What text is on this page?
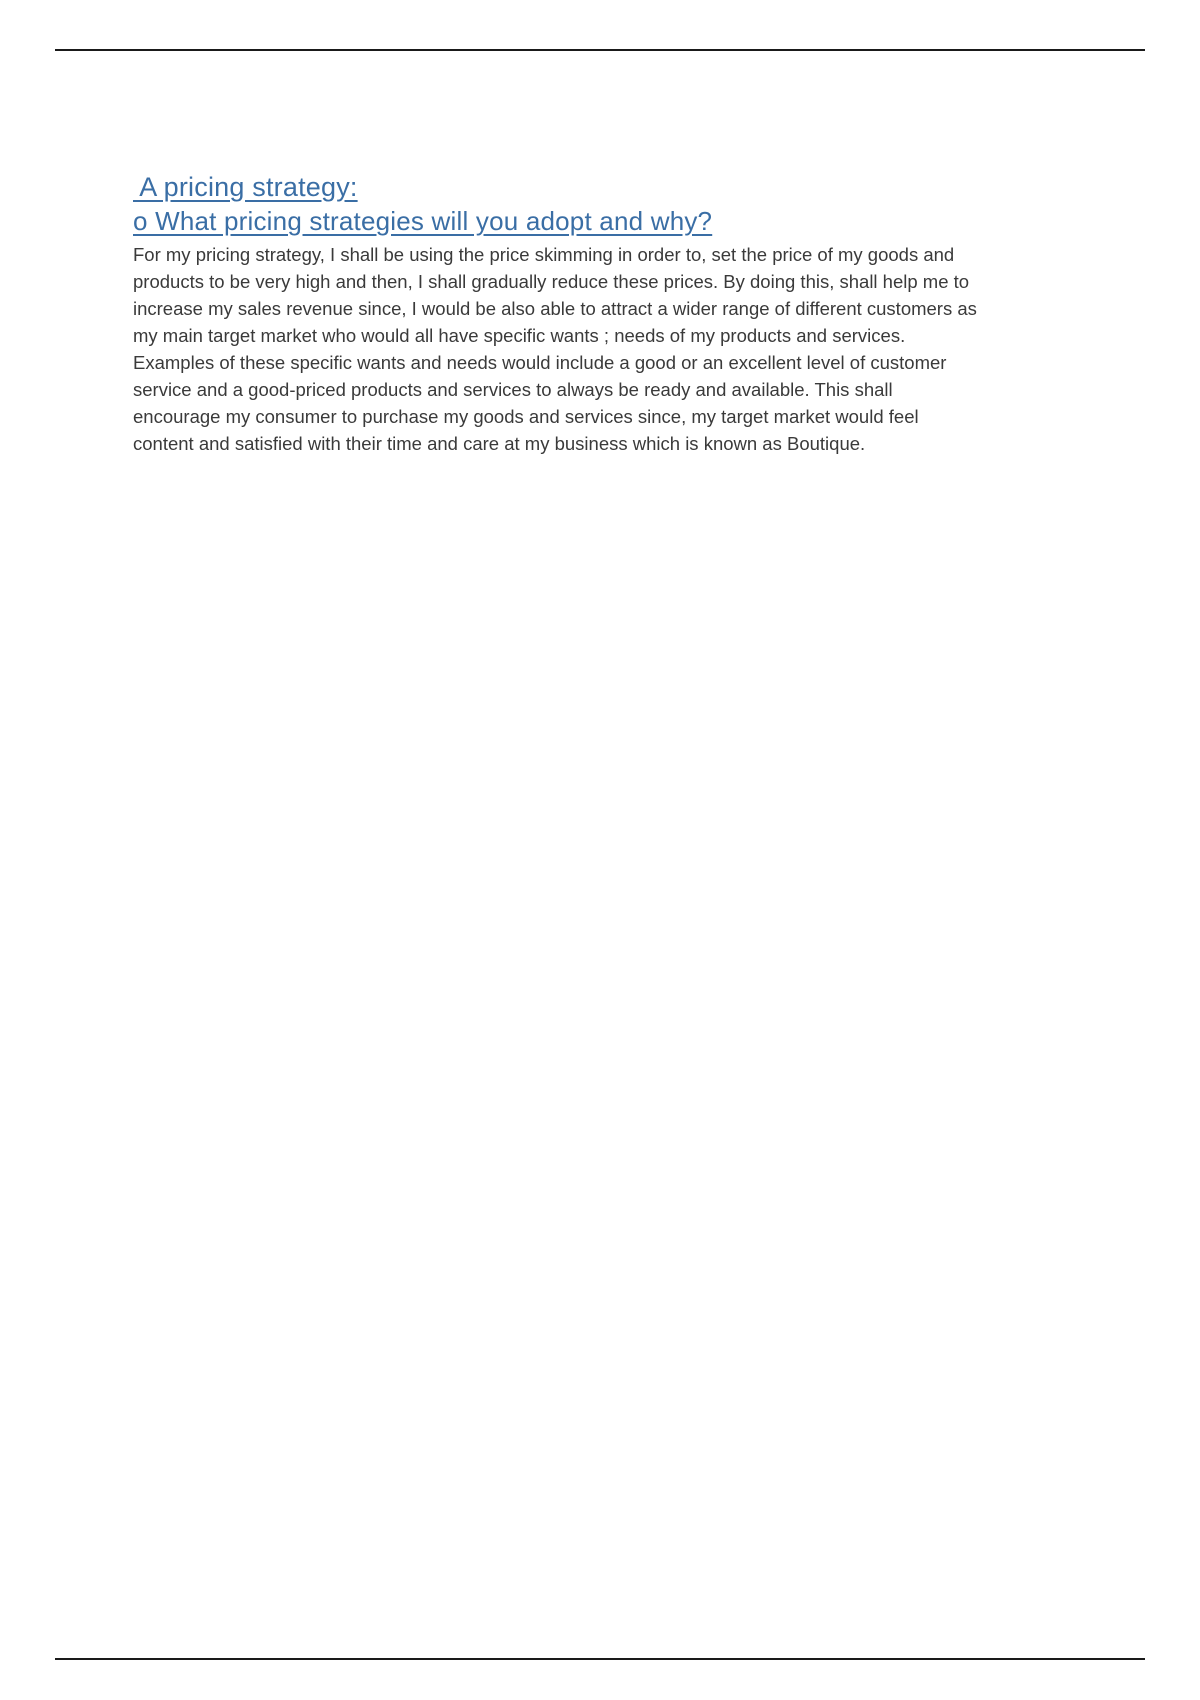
A pricing strategy:
o What pricing strategies will you adopt and why?

For my pricing strategy, I shall be using the price skimming in order to, set the price of my goods and products to be very high and then, I shall gradually reduce these prices. By doing this, shall help me to increase my sales revenue since, I would be also able to attract a wider range of different customers as my main target market who would all have specific wants ; needs of my products and services. Examples of these specific wants and needs would include a good or an excellent level of customer service and a good-priced products and services to always be ready and available. This shall encourage my consumer to purchase my goods and services since, my target market would feel content and satisfied with their time and care at my business which is known as Boutique.
